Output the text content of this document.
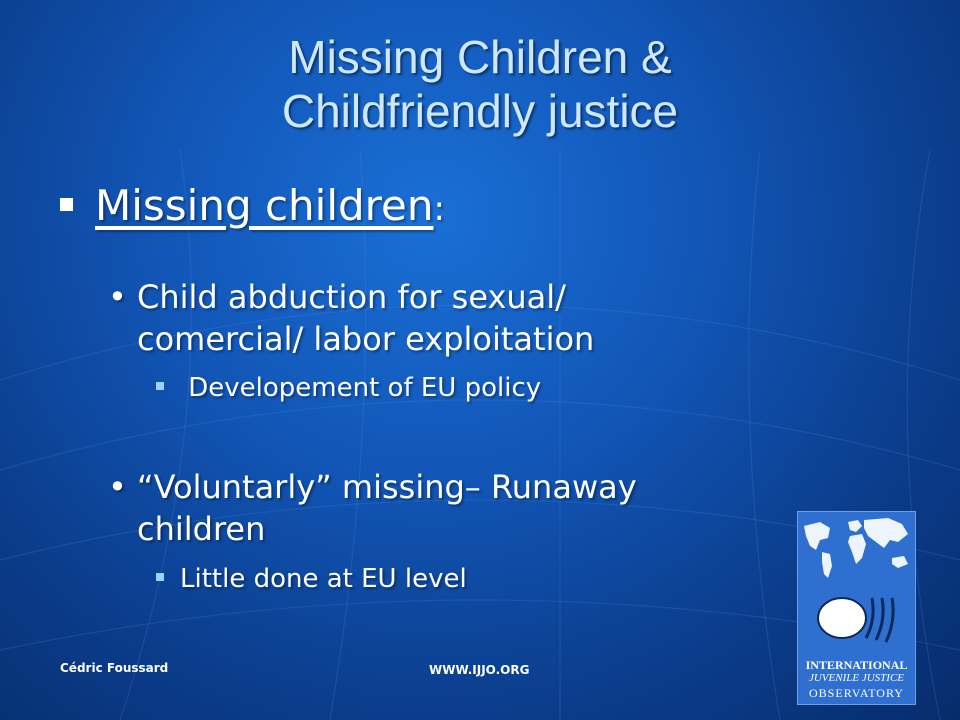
Missing Children &
Childfriendly justice
Missing children:
• Child abduction for sexual/
comercial/ labor exploitation
Developement of EU policy
• “Voluntarly” missing– Runaway
children
Little done at EU level
Cédric Foussard	WWW.IJJO.ORG	INTERNATIONAL
JUVENILE JUSTICE
OBSERVATORY
